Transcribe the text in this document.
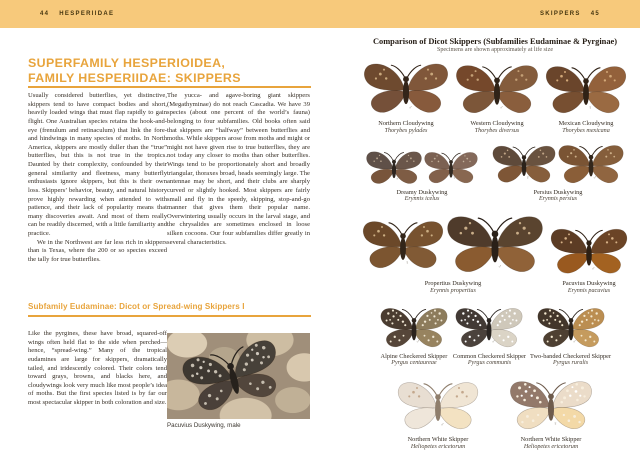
44 HESPERIIDAE	SKIPPERS 45
SUPERFAMILY HESPERIOIDEA,
FAMILY HESPERIIDAE: SKIPPERS
Usually considered butterflies, yet distinctive, skippers tend to have compact bodies and short, heavily loaded wings that must flap rapidly to gain flight. One Australian species retains the hook-and-eye (frenulum and retinaculum) that link the fore- and hindwings in many species of moths. In North America, skippers are mostly duller than the “true” butterflies, but this is not true in the tropics. Daunted by their complexity, confounded by their general similarity and fleetness, many butterfly enthusiasts ignore skippers, but this is their own loss. Skippers’ behavior, beauty, and natural history prove highly rewarding when attended to with patience, and their lack of popularity means that many discoveries await. And most of them really can be readily discerned, with a little familiarity and practice.
We in the Northwest are far less rich in skippers than is Texas, where the 200 or so species exceed the tally for true butterflies.
The yucca- and agave-boring giant skippers (Megathyminae) do not reach Cascadia. We have 39 species (about one percent of the world’s fauna) belonging to four subfamilies. Old books often said that skippers are “halfway” between butterflies and moths. While skippers arose from moths and might or might not have given rise to true butterflies, they are not today any closer to moths than other butterflies. Wings tend to be proportionately short and broadly triangular, thoraxes broad, heads seemingly large. The antennae may be short, and their clubs are sharply curved or slightly hooked. Most skippers are fairly small and fly in the speedy, skipping, stop-and-go manner that gives them their popular name. Overwintering usually occurs in the larval stage, and the chrysalides are sometimes enclosed in loose silken cocoons. Our four subfamilies differ greatly in several characteristics.
Subfamily Eudaminae: Dicot or Spread-wing Skippers I
Like the pyrgines, these have broad, squared-off wings often held flat to the side when perched—hence, “spread-wing.” Many of the tropical eudamines are large for skippers, dramatically tailed, and iridescently colored. Their colors tend toward grays, browns, and blacks here, and cloudywings look very much like most people’s idea of moths. But the first species listed is by far our most spectacular skipper in both coloration and size.
Pacuvius Duskywing, male
Comparison of Dicot Skippers (Subfamilies Eudaminae & Pyrginae)
Specimens are shown approximately at life size
♂
Northern Cloudywing
Thorybes pylades
♂
Western Cloudywing
Thorybes diversus
♀
Mexican Cloudywing
Thorybes mexicana
♂	♀
Dreamy Duskywing
Erynnis icelus
♀	♂
Persius Duskywing
Erynnis persius
♀
♂
Propertius Duskywing
Erynnis propertius
♂
Pacuvius Duskywing
Erynnis pacuvius
♂
Alpine Checkered Skipper
Pyrgus centaureae
♂
Common Checkered Skipper
Pyrgus communis
♂
Two-banded Checkered Skipper
Pyrgus ruralis
♂
Northern White Skipper
Heliopetes ericetorum
♀
Northern White Skipper
Heliopetes ericetorum
